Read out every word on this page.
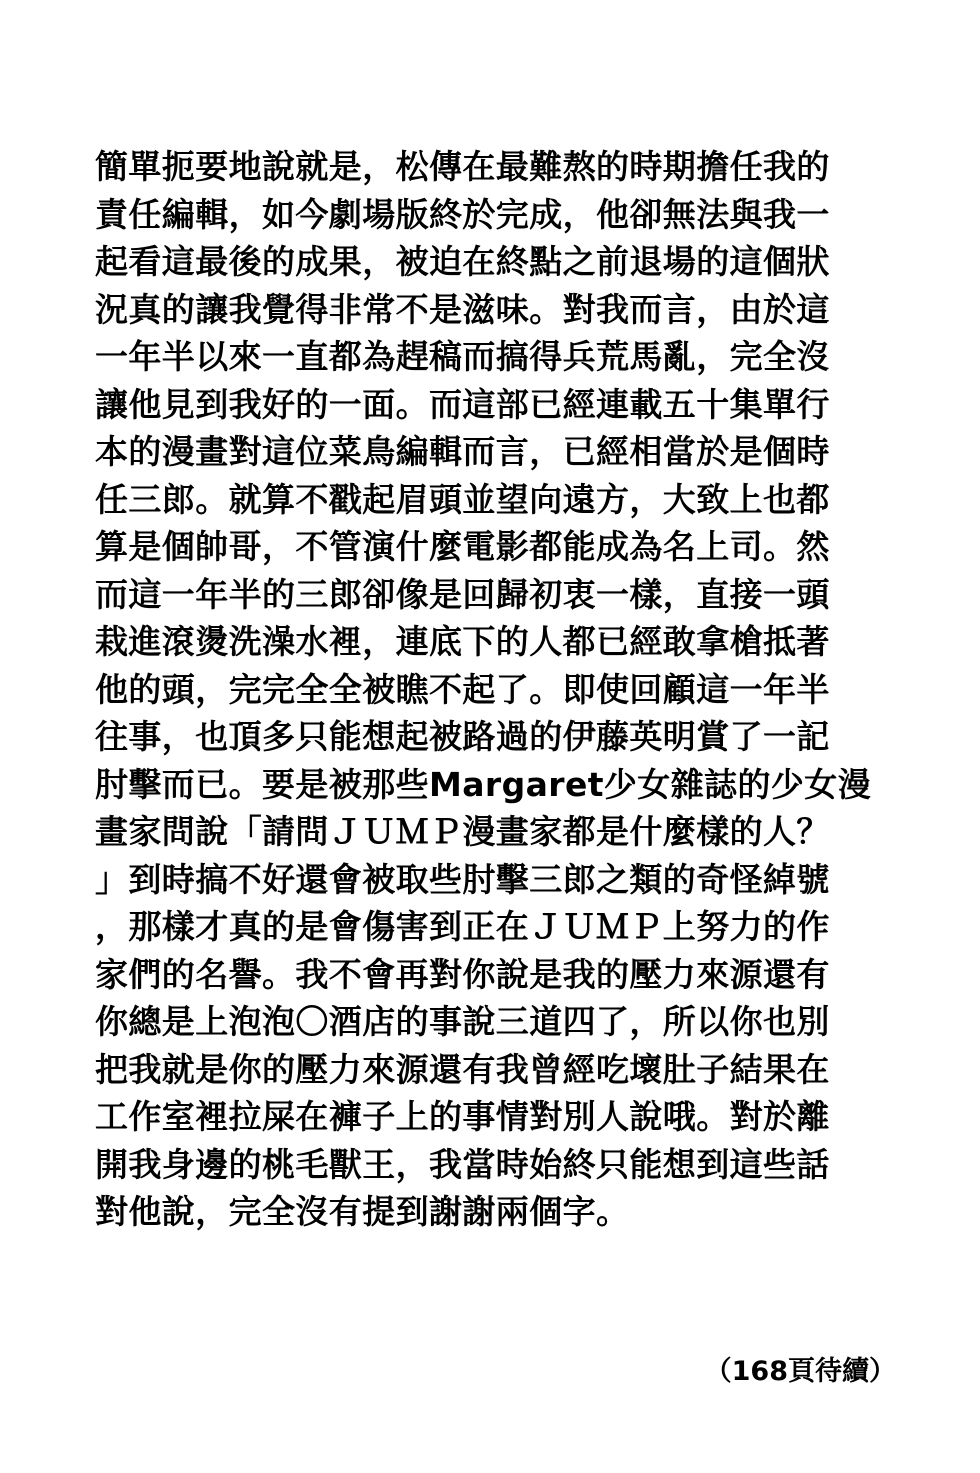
簡單扼要地說就是，松傳在最難熬的時期擔任我的
責任編輯，如今劇場版終於完成，他卻無法與我一
起看這最後的成果，被迫在終點之前退場的這個狀
況真的讓我覺得非常不是滋味。對我而言，由於這
一年半以來一直都為趕稿而搞得兵荒馬亂，完全沒
讓他見到我好的一面。而這部已經連載五十集單行
本的漫畫對這位菜鳥編輯而言，已經相當於是個時
任三郎。就算不戳起眉頭並望向遠方，大致上也都
算是個帥哥，不管演什麼電影都能成為名上司。然
而這一年半的三郎卻像是回歸初衷一樣，直接一頭
栽進滾燙洗澡水裡，連底下的人都已經敢拿槍抵著
他的頭，完完全全被瞧不起了。即使回顧這一年半
往事，也頂多只能想起被路過的伊藤英明賞了一記
肘擊而已。要是被那些Margaret少女雜誌的少女漫
畫家問說「請問ＪＵＭＰ漫畫家都是什麼樣的人？
」到時搞不好還會被取些肘擊三郎之類的奇怪綽號
，那樣才真的是會傷害到正在ＪＵＭＰ上努力的作
家們的名譽。我不會再對你說是我的壓力來源還有
你總是上泡泡〇酒店的事說三道四了，所以你也別
把我就是你的壓力來源還有我曾經吃壞肚子結果在
工作室裡拉屎在褲子上的事情對別人說哦。對於離
開我身邊的桃毛獸王，我當時始終只能想到這些話
對他說，完全沒有提到謝謝兩個字。
（168頁待續）
